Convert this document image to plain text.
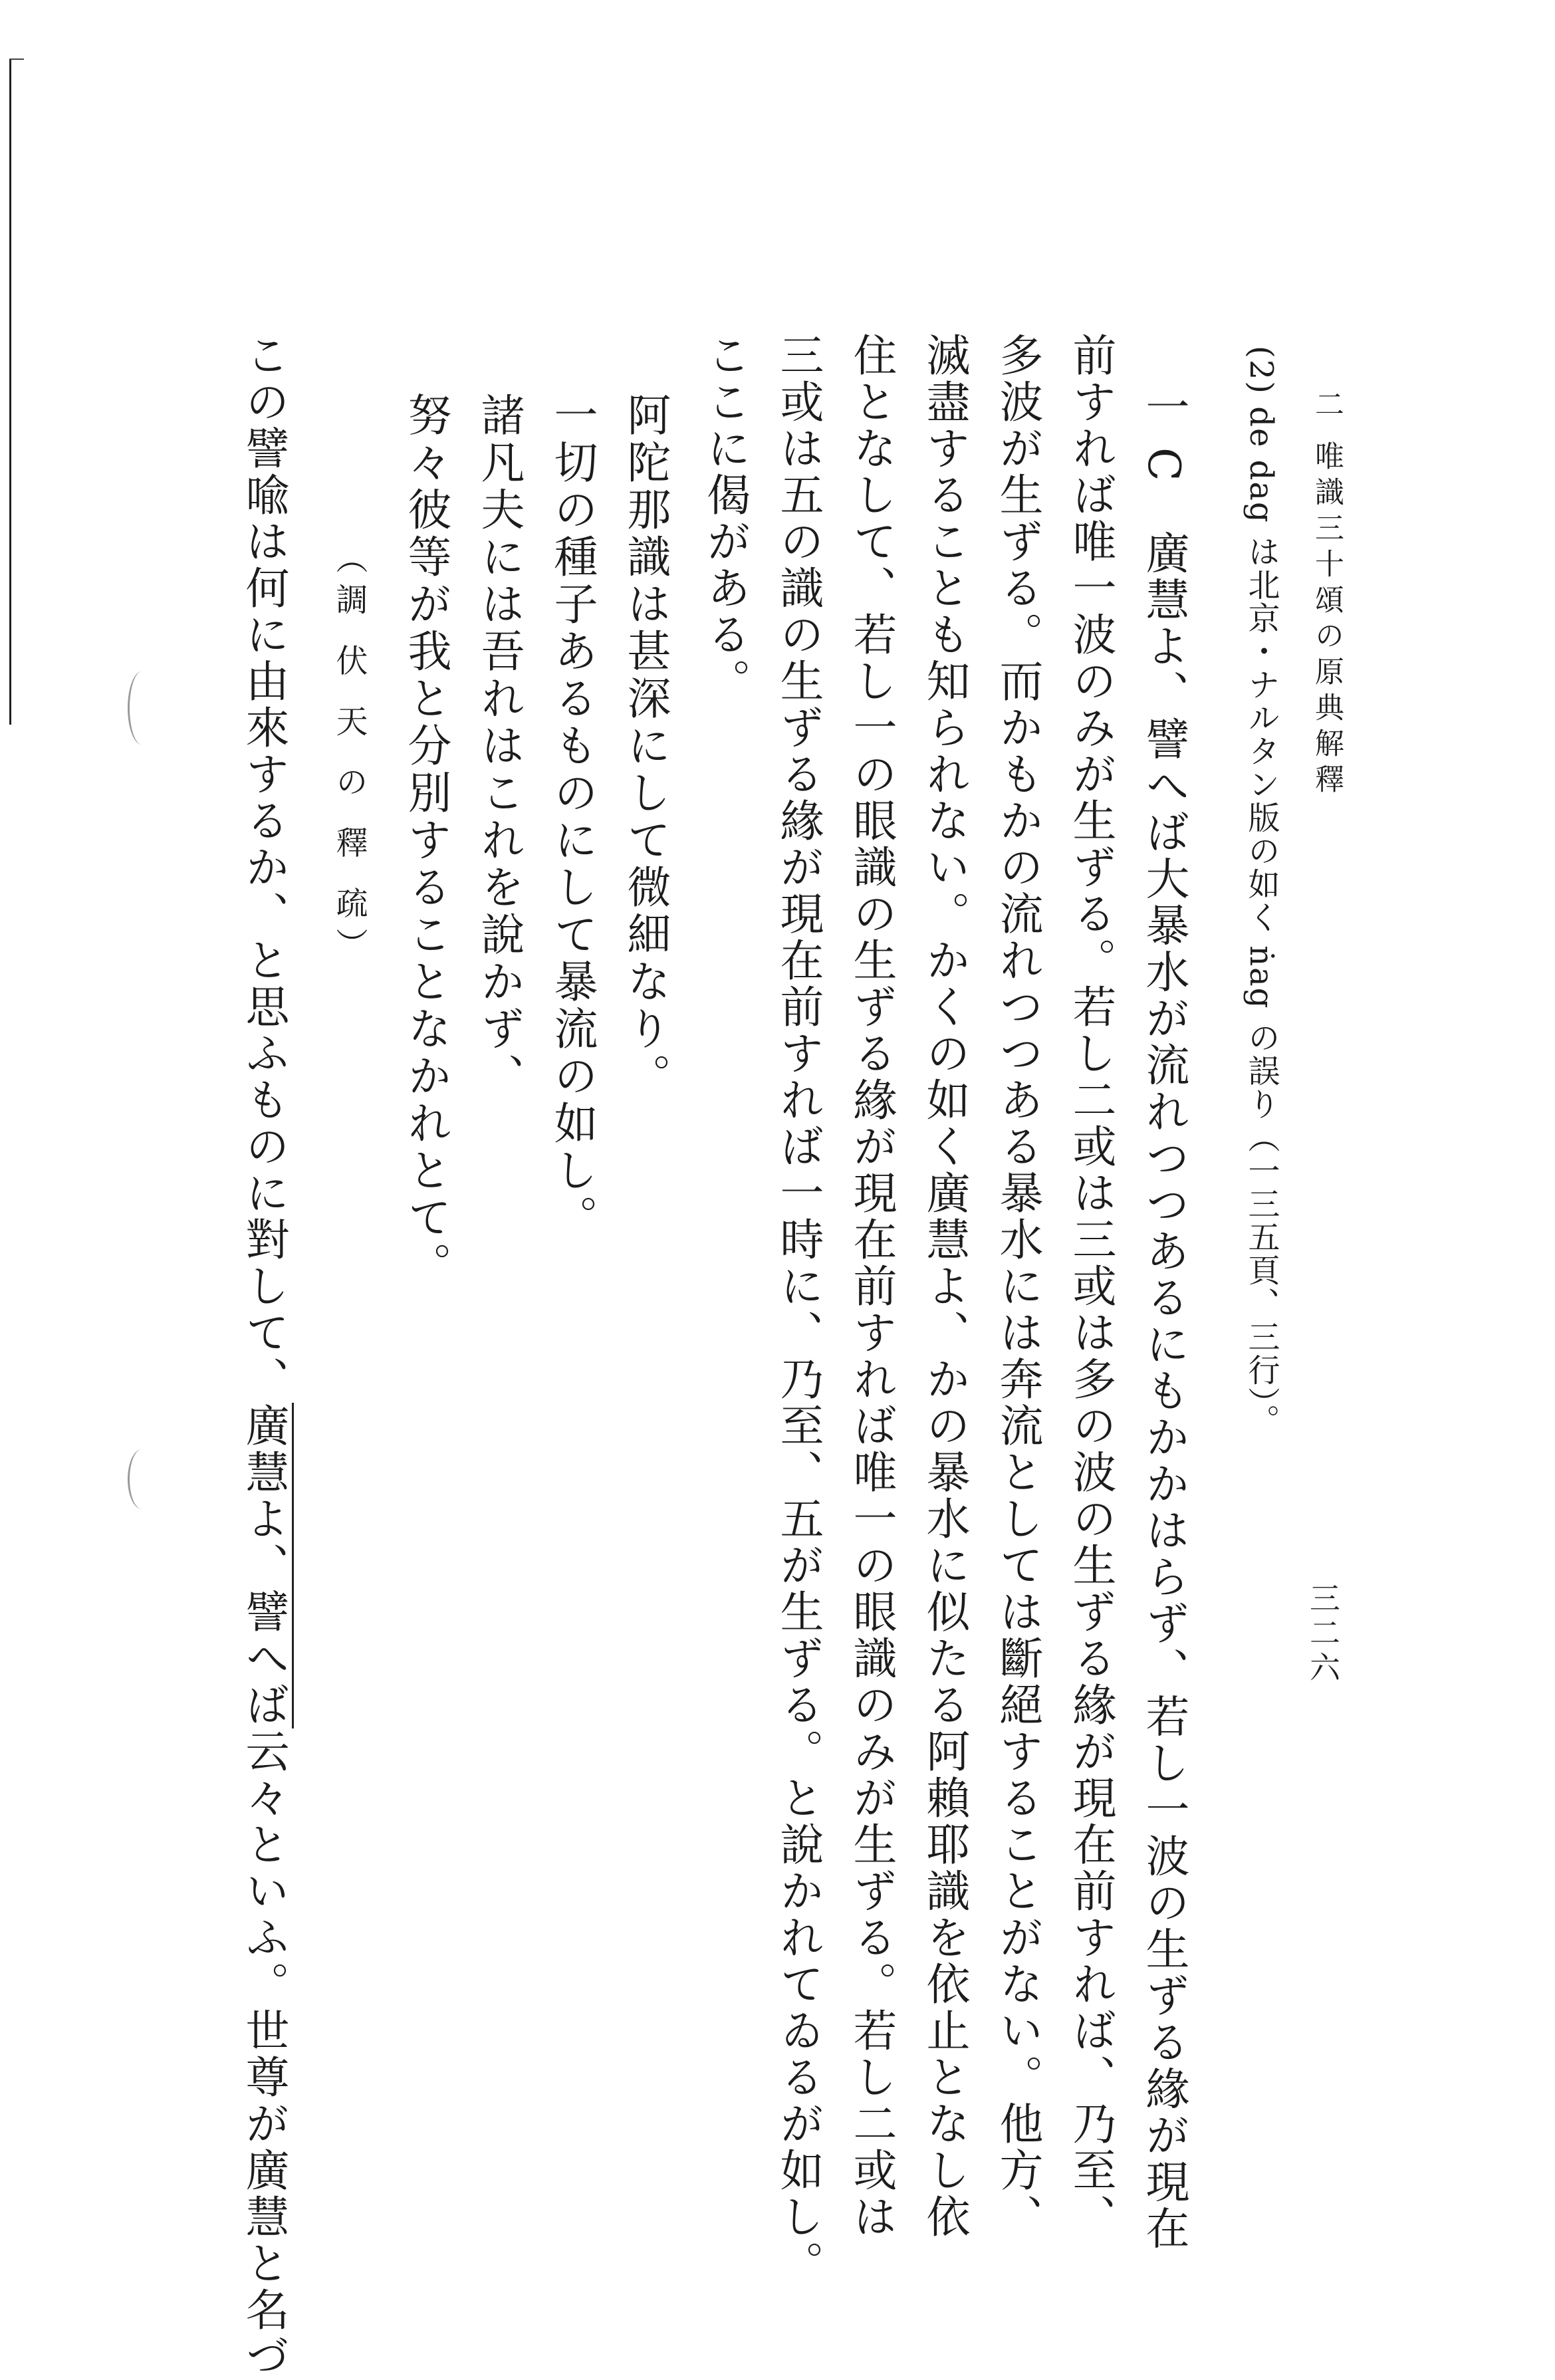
二 唯識三十頌の原典解釋
三二六
(2) de dag は北京・ナルタン版の如く ṅag の誤り（一三五頁、三行）。
一 C　廣慧よ、譬へば大暴水が流れつつあるにもかかはらず、若し一波の生ずる緣が現在
前すれば唯一波のみが生ずる。若し二或は三或は多の波の生ずる緣が現在前すれば、乃至、
多波が生ずる。而かもかの流れつつある暴水には奔流としては斷絕することがない。他方、
滅盡することも知られない。かくの如く廣慧よ、かの暴水に似たる阿賴耶識を依止となし依
住となして、若し一の眼識の生ずる緣が現在前すれば唯一の眼識のみが生ずる。若し二或は
三或は五の識の生ずる緣が現在前すれば一時に、乃至、五が生ずる。と說かれてゐるが如し。
ここに偈がある。
阿陀那識は甚深にして微細なり。
一切の種子あるものにして暴流の如し。
諸凡夫には吾れはこれを說かず、
努々彼等が我と分別することなかれとて。
（調 伏 天 の 釋 疏）
この譬喩は何に由來するか、と思ふものに對して、廣慧よ、譬へば云々といふ。世尊が廣慧と名づ
